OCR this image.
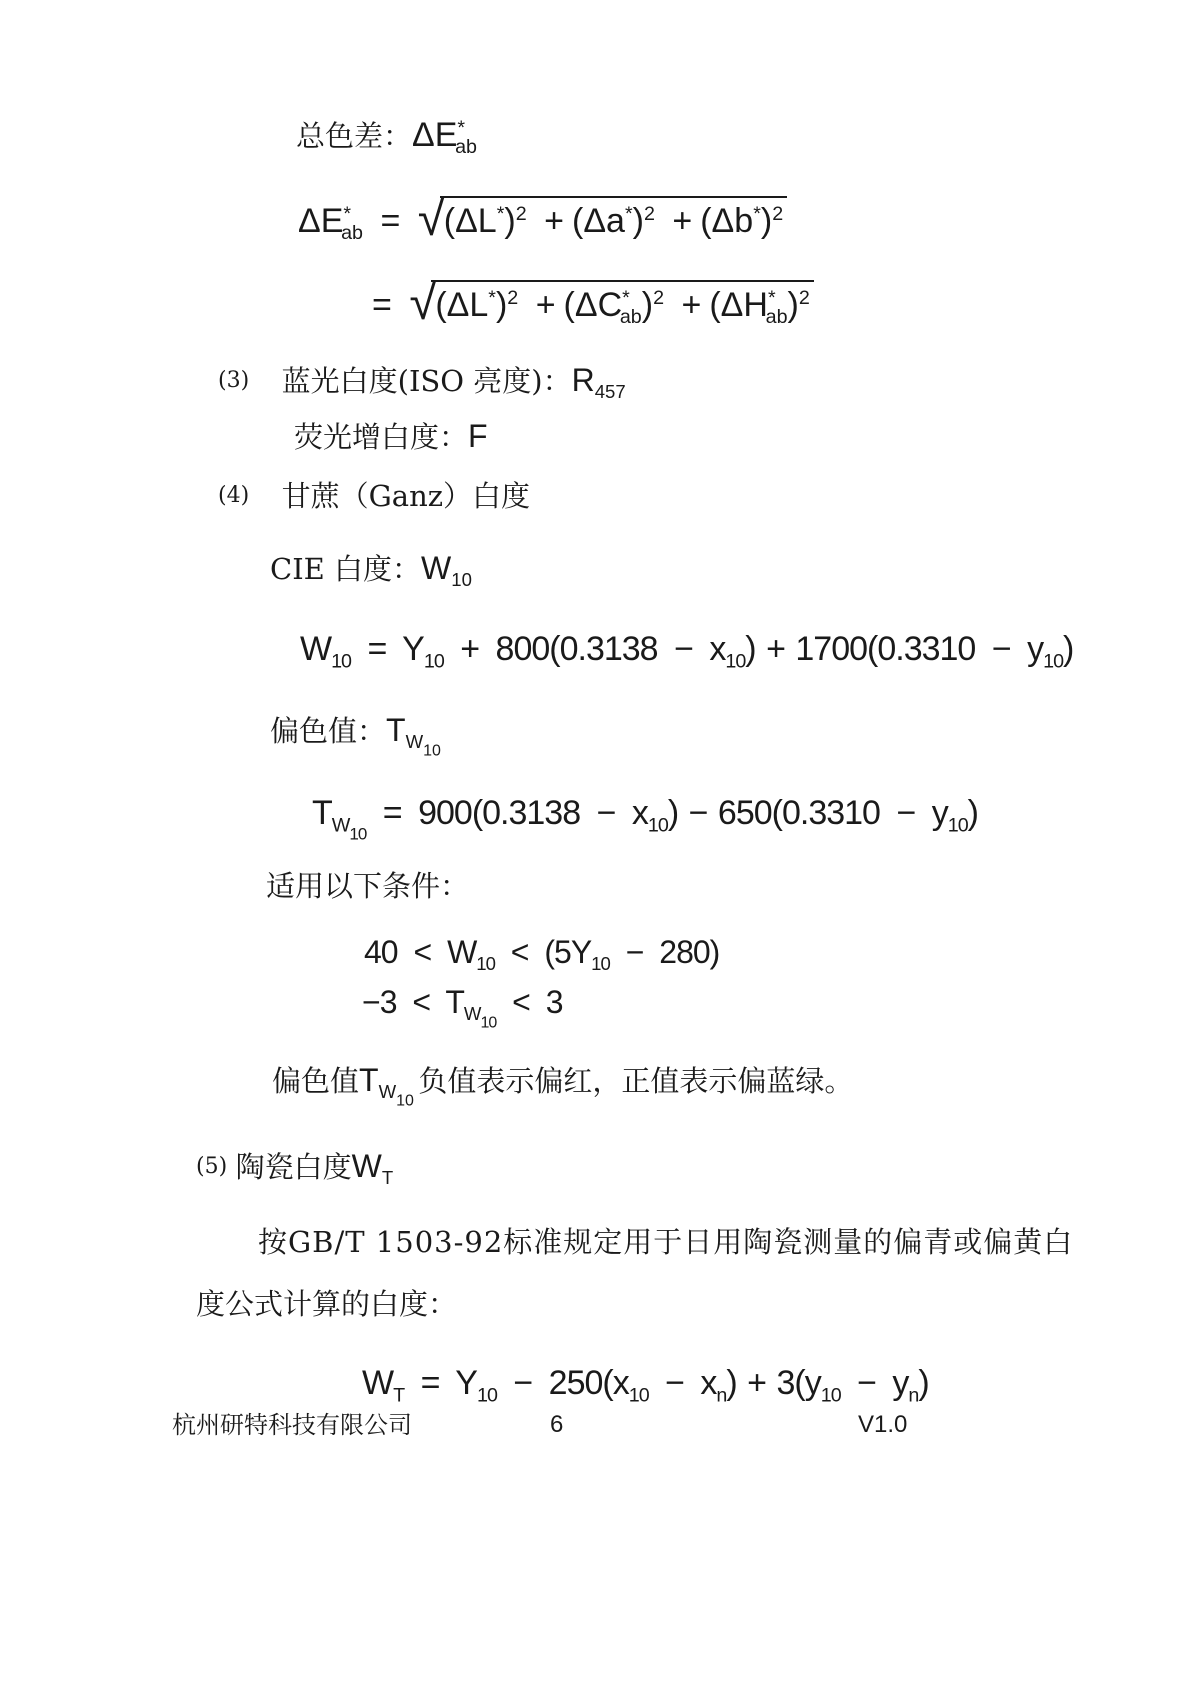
总色差：$\Delta E^*_{ab}$
$\Delta E^*_{ab}$ = √
$(\Delta L^*)^2 + (\Delta a^*)^2 + (\Delta b^*)^2$
= √
$(\Delta L^*)^2 + (\Delta C^*_{ab})^2 + (\Delta H^*_{ab})^2$
(3) 蓝光白度(ISO 亮度)：$R_{457}$
荧光增白度：F
(4) 甘蔗（Ganz）白度
CIE 白度：$W_{10}$
$W_{10} = Y_{10} + 800(0.3138 - x_{10}) + 1700(0.3310 - y_{10})$
偏色值：$T_{W10}$
$T_{W10} = 900(0.3138 - x_{10}) - 650(0.3310 - y_{10})$
适用以下条件：
$40 < W_{10} < (5Y_{10} - 280)$
$-3 < T_{W10} < 3$
偏色值$T_{W10}$ 负值表示偏红，正值表示偏蓝绿。
(5) 陶瓷白度$W_T$
按GB/T 1503-92标准规定用于日用陶瓷测量的偏青或偏黄白
度公式计算的白度：
$W_T = Y_{10} - 250(x_{10} - x_n) + 3(y_{10} - y_n)$
杭州研特科技有限公司	6	V1.0
